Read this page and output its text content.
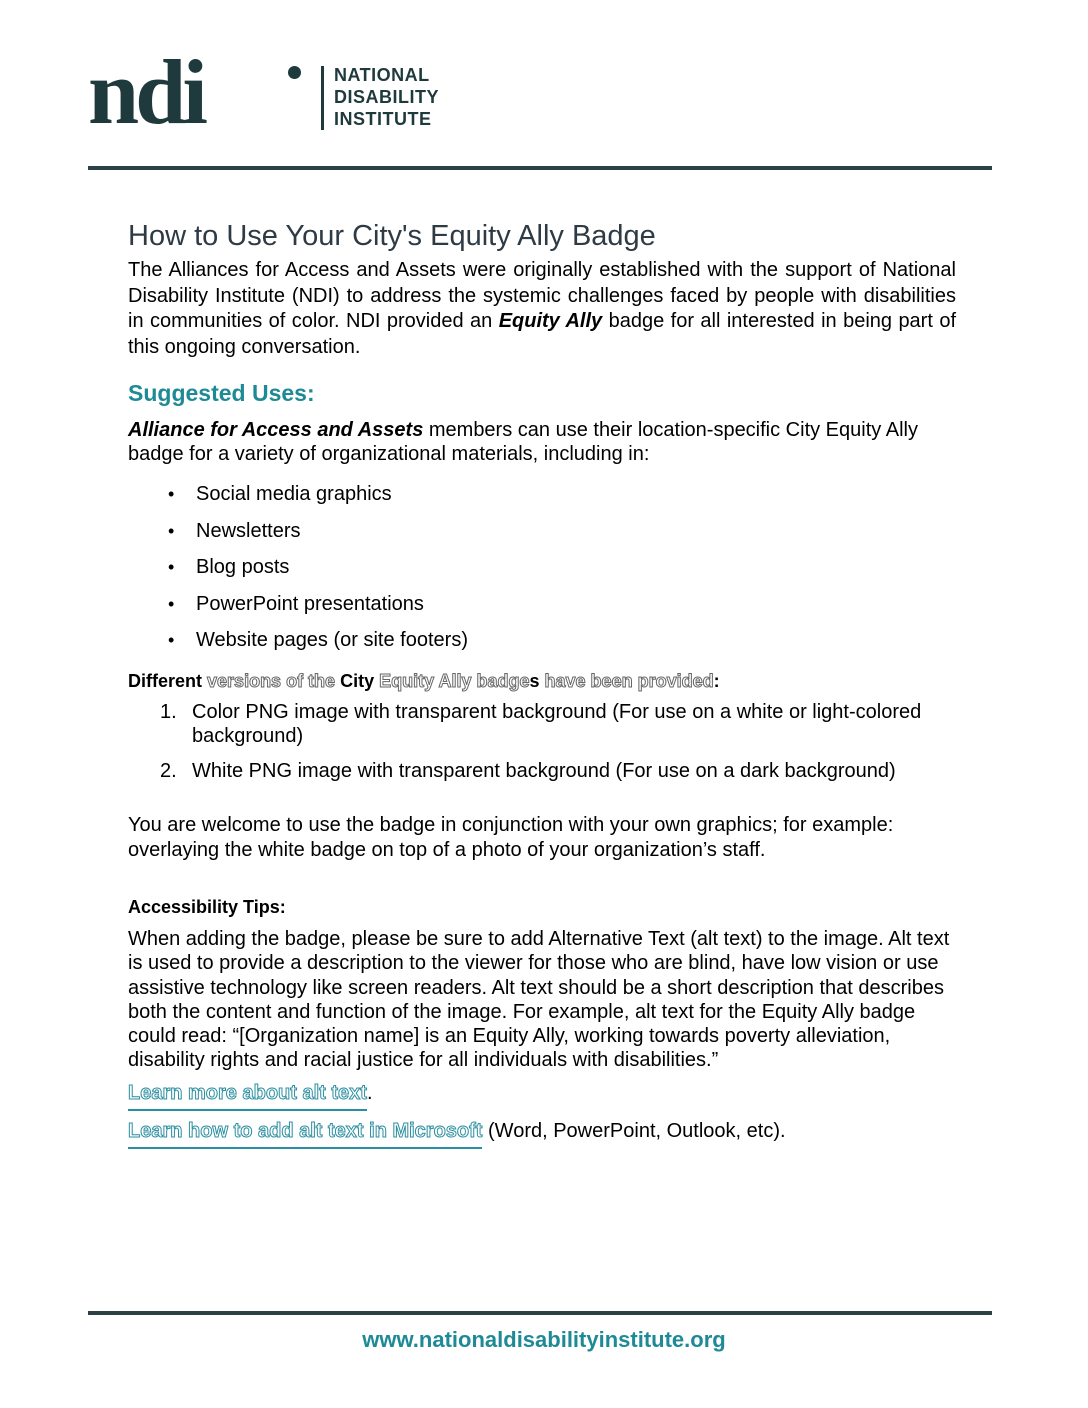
ndi	NATIONAL
DISABILITY
INSTITUTE
How to Use Your City's Equity Ally Badge

The Alliances for Access and Assets were originally established with the support of National Disability Institute (NDI) to address the systemic challenges faced by people with disabilities in communities of color. NDI provided an Equity Ally badge for all interested in being part of this ongoing conversation.

Suggested Uses:

Alliance for Access and Assets members can use their location-specific City Equity Ally badge for a variety of organizational materials, including in:

• Social media graphics
• Newsletters
• Blog posts
• PowerPoint presentations
• Website pages (or site footers)

Different versions of the City Equity Ally badges have been provided:

1. Color PNG image with transparent background (For use on a white or light-colored background)
2. White PNG image with transparent background (For use on a dark background)

You are welcome to use the badge in conjunction with your own graphics; for example: overlaying the white badge on top of a photo of your organization’s staff.

Accessibility Tips:

When adding the badge, please be sure to add Alternative Text (alt text) to the image. Alt text is used to provide a description to the viewer for those who are blind, have low vision or use assistive technology like screen readers. Alt text should be a short description that describes both the content and function of the image. For example, alt text for the Equity Ally badge could read: “[Organization name] is an Equity Ally, working towards poverty alleviation, disability rights and racial justice for all individuals with disabilities.”

Learn more about alt text.

Learn how to add alt text in Microsoft (Word, PowerPoint, Outlook, etc).

www.nationaldisabilityinstitute.org
